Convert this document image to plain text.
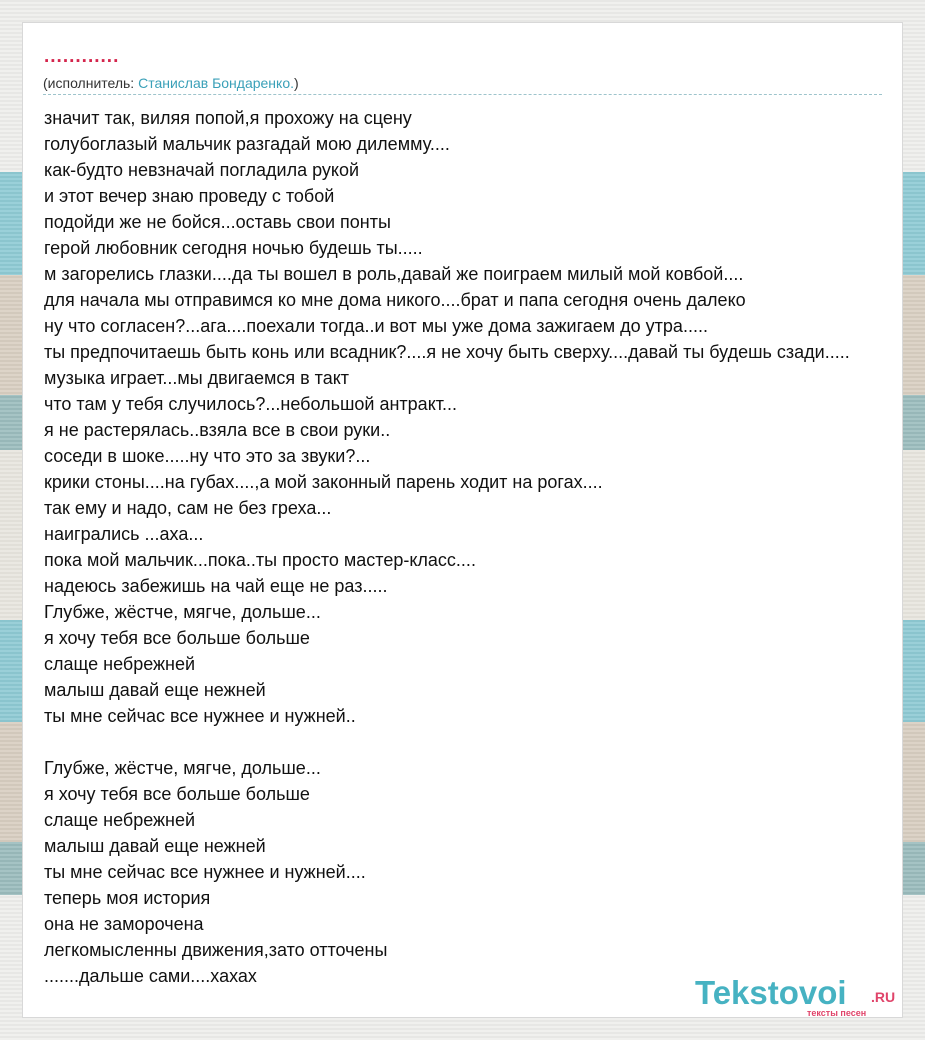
............
(исполнитель: Станислав Бондаренко.)
значит так, виляя попой,я прохожу на сцену
голубоглазый мальчик разгадай мою дилемму....
как-будто невзначай погладила рукой
и этот вечер знаю проведу с тобой
подойди же не бойся...оставь свои понты
герой любовник сегодня ночью будешь ты.....
м загорелись глазки....да ты вошел в роль,давай же поиграем милый мой ковбой....
для начала мы отправимся ко мне дома никого....брат и папа сегодня очень далеко
ну что согласен?...ага....поехали тогда..и вот мы уже дома зажигаем до утра.....
ты предпочитаешь быть конь или всадник?....я не хочу быть сверху....давай ты будешь сзади.....
музыка играет...мы двигаемся в такт
что там у тебя случилось?...небольшой антракт...
я не растерялась..взяла все в свои руки..
соседи в шоке.....ну что это за звуки?...
крики стоны....на губах....,а мой законный парень ходит на рогах....
так ему и надо, сам не без греха...
наигрались ...аха...
пока мой мальчик...пока..ты просто мастер-класс....
надеюсь забежишь на чай еще не раз.....
Глубже, жёстче, мягче, дольше...
я хочу тебя все больше больше
слаще небрежней
малыш давай еще нежней
ты мне сейчас все нужнее и нужней..
Глубже, жёстче, мягче, дольше...
я хочу тебя все больше больше
слаще небрежней
малыш давай еще нежней
ты мне сейчас все нужнее и нужней....
теперь моя история
она не заморочена
легкомысленны движения,зато отточены
.......дальше сами....хахах	Tekstovoi .RU
тексты песен
